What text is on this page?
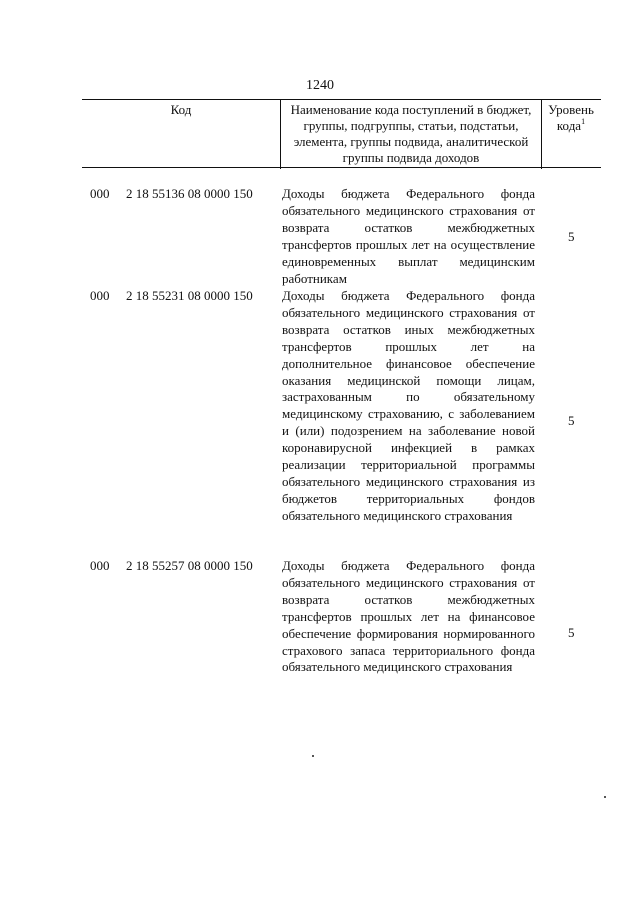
1240
Код	Наименование кода поступлений в бюджет, группы, подгруппы, статьи, подстатьи, элемента, группы подвида, аналитической группы подвида доходов
Уровень кода$^1$
000 2 18 55136 08 0000 150 Доходы бюджета Федерального фонда обязательного медицинского страхования от возврата остатков межбюджетных трансфертов прошлых лет на осуществление единовременных выплат медицинским работникам
5
000 2 18 55231 08 0000 150 Доходы бюджета Федерального фонда обязательного медицинского страхования от возврата остатков иных межбюджетных трансфертов прошлых лет на дополнительное финансовое обеспечение оказания медицинской помощи лицам, застрахованным по обязательному медицинскому страхованию, с заболеванием и (или) подозрением на заболевание новой коронавирусной инфекцией в рамках реализации территориальной программы обязательного медицинского страхования из бюджетов территориальных фондов обязательного медицинского страхования
5
000 2 18 55257 08 0000 150 Доходы бюджета Федерального фонда обязательного медицинского страхования от возврата остатков межбюджетных трансфертов прошлых лет на финансовое обеспечение формирования нормированного страхового запаса территориального фонда обязательного медицинского страхования
5
